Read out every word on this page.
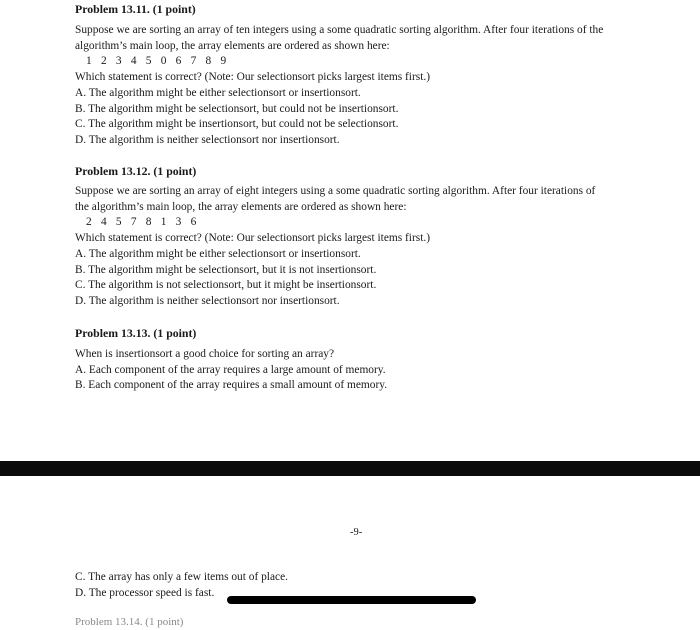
Problem 13.11. (1 point)
Suppose we are sorting an array of ten integers using a some quadratic sorting algorithm. After four iterations of the
algorithm’s main loop, the array elements are ordered as shown here:
1 2 3 4 5 0 6 7 8 9
Which statement is correct? (Note: Our selectionsort picks largest items first.)
A. The algorithm might be either selectionsort or insertionsort.
B. The algorithm might be selectionsort, but could not be insertionsort.
C. The algorithm might be insertionsort, but could not be selectionsort.
D. The algorithm is neither selectionsort nor insertionsort.
Problem 13.12. (1 point)
Suppose we are sorting an array of eight integers using a some quadratic sorting algorithm. After four iterations of
the algorithm’s main loop, the array elements are ordered as shown here:
2 4 5 7 8 1 3 6
Which statement is correct? (Note: Our selectionsort picks largest items first.)
A. The algorithm might be either selectionsort or insertionsort.
B. The algorithm might be selectionsort, but it is not insertionsort.
C. The algorithm is not selectionsort, but it might be insertionsort.
D. The algorithm is neither selectionsort nor insertionsort.
Problem 13.13. (1 point)
When is insertionsort a good choice for sorting an array?
A. Each component of the array requires a large amount of memory.
B. Each component of the array requires a small amount of memory.
-9-
C. The array has only a few items out of place.
D. The processor speed is fast.
Problem 13.14. (1 point)
